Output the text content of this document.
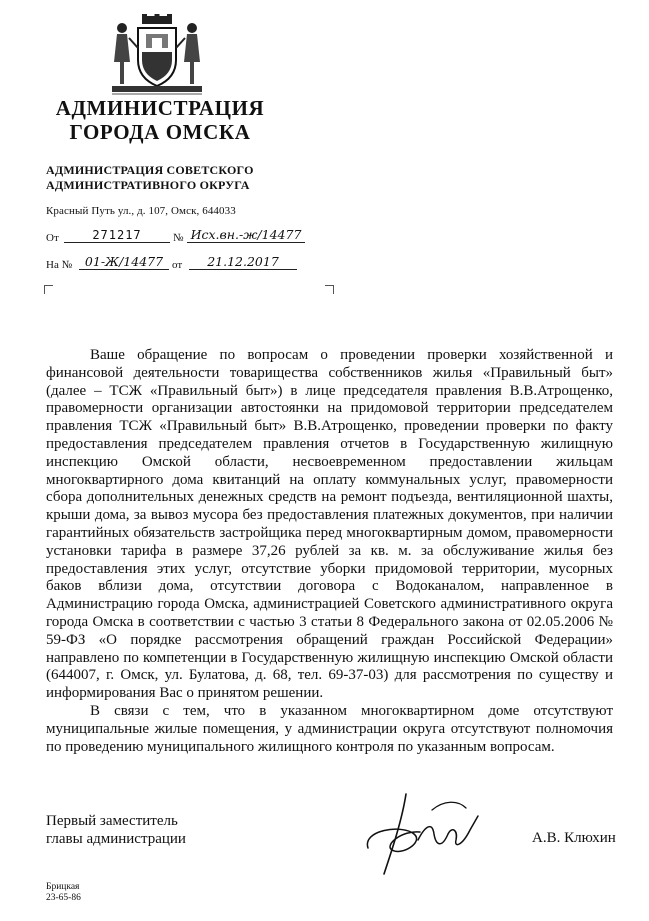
АДМИНИСТРАЦИЯ
ГОРОДА ОМСКА
АДМИНИСТРАЦИЯ СОВЕТСКОГО
АДМИНИСТРАТИВНОГО ОКРУГА
Красный Путь ул., д. 107, Омск, 644033
От	271217	№ Исх.вн.-ж/14477
На №	01-Ж/14477 от	21.12.2017

Ваше обращение по вопросам о проведении проверки хозяйственной и финансовой деятельности товарищества собственников жилья «Правильный быт» (далее – ТСЖ «Правильный быт») в лице председателя правления В.В.Атрощенко, правомерности организации автостоянки на придомовой территории председателем правления ТСЖ «Правильный быт» В.В.Атрощенко, проведении проверки по факту предоставления председателем правления отчетов в Государственную жилищную инспекцию Омской области, несвоевременном предоставлении жильцам многоквартирного дома квитанций на оплату коммунальных услуг, правомерности сбора дополнительных денежных средств на ремонт подъезда, вентиляционной шахты, крыши дома, за вывоз мусора без предоставления платежных документов, при наличии гарантийных обязательств застройщика перед многоквартирным домом, правомерности установки тарифа в размере 37,26 рублей за кв. м. за обслуживание жилья без предоставления этих услуг, отсутствие уборки придомовой территории, мусорных баков вблизи дома, отсутствии договора с Водоканалом, направленное в Администрацию города Омска, администрацией Советского административного округа города Омска в соответствии с частью 3 статьи 8 Федерального закона от 02.05.2006 № 59-ФЗ «О порядке рассмотрения обращений граждан Российской Федерации» направлено по компетенции в Государственную жилищную инспекцию Омской области (644007, г. Омск, ул. Булатова, д. 68, тел. 69-37-03) для рассмотрения по существу и информирования Вас о принятом решении.

В связи с тем, что в указанном многоквартирном доме отсутствуют муниципальные жилые помещения, у администрации округа отсутствуют полномочия по проведению муниципального жилищного контроля по указанным вопросам.

Первый заместитель
главы администрации	А.В. Клюхин
Брицкая
23-65-86
